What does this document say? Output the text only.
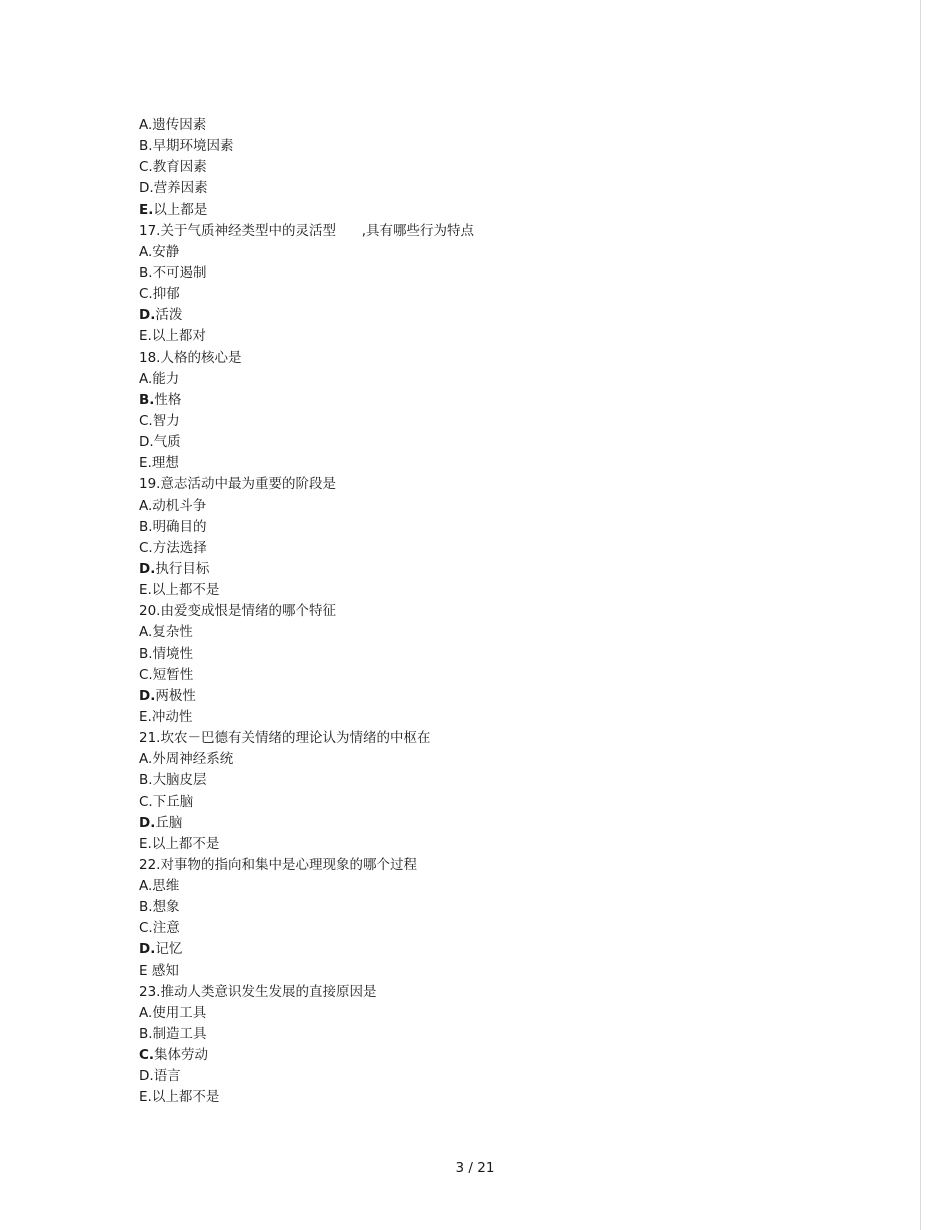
A.遗传因素
B.早期环境因素
C.教育因素
D.营养因素
E.以上都是
17.关于气质神经类型中的灵活型      ,具有哪些行为特点
A.安静
B.不可遏制
C.抑郁
D.活泼
E.以上都对
18.人格的核心是
A.能力
B.性格
C.智力
D.气质
E.理想
19.意志活动中最为重要的阶段是
A.动机斗争
B.明确目的
C.方法选择
D.执行目标
E.以上都不是
20.由爱变成恨是情绪的哪个特征
A.复杂性
B.情境性
C.短暂性
D.两极性
E.冲动性
21.坎农－巴德有关情绪的理论认为情绪的中枢在
A.外周神经系统
B.大脑皮层
C.下丘脑
D.丘脑
E.以上都不是
22.对事物的指向和集中是心理现象的哪个过程
A.思维
B.想象
C.注意
D.记忆
E 感知
23.推动人类意识发生发展的直接原因是
A.使用工具
B.制造工具
C.集体劳动
D.语言
E.以上都不是
3 / 21
